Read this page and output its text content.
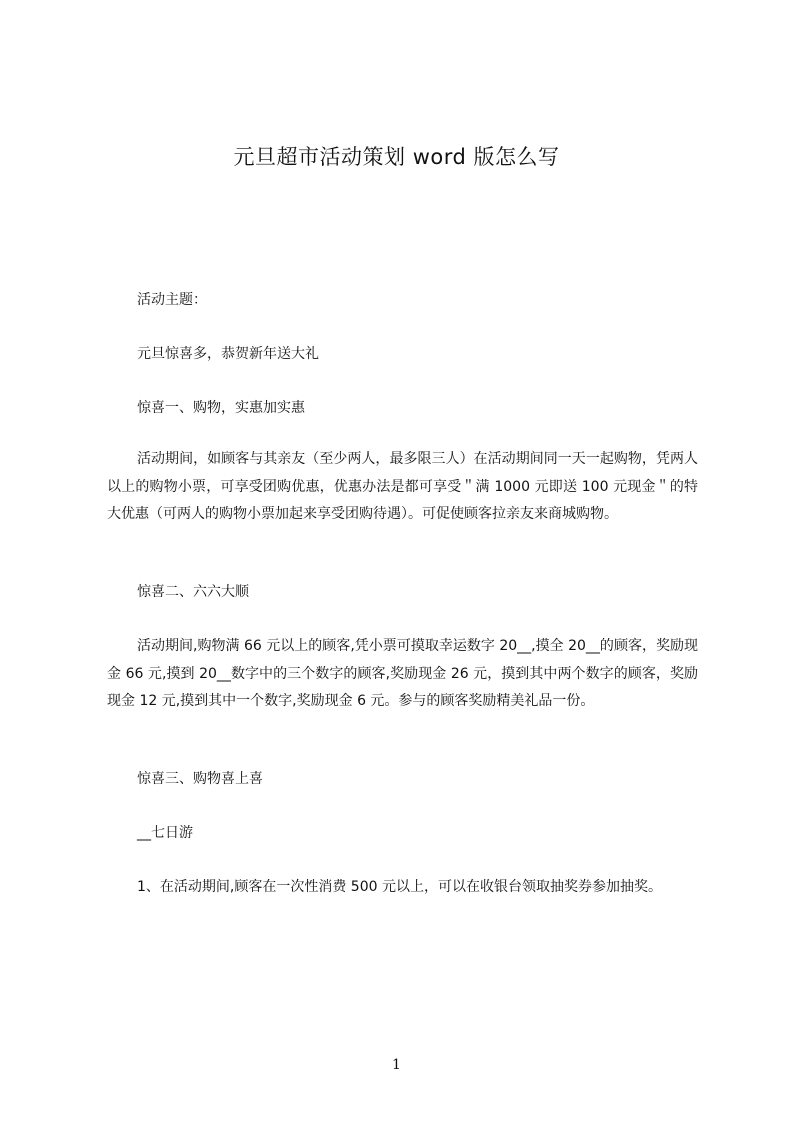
元旦超市活动策划 word 版怎么写

活动主题：

元旦惊喜多，恭贺新年送大礼

惊喜一、购物，实惠加实惠

活动期间，如顾客与其亲友（至少两人，最多限三人）在活动期间同一天一起购物，凭两人以上的购物小票，可享受团购优惠，优惠办法是都可享受＂满 1000 元即送 100 元现金＂的特大优惠（可两人的购物小票加起来享受团购待遇）。可促使顾客拉亲友来商城购物。

惊喜二、六六大顺

活动期间,购物满 66 元以上的顾客,凭小票可摸取幸运数字 20__,摸全 20__的顾客，奖励现金 66 元,摸到 20__数字中的三个数字的顾客,奖励现金 26 元，摸到其中两个数字的顾客，奖励现金 12 元,摸到其中一个数字,奖励现金 6 元。参与的顾客奖励精美礼品一份。

惊喜三、购物喜上喜

__七日游

1、在活动期间,顾客在一次性消费 500 元以上，可以在收银台领取抽奖券参加抽奖。

1
